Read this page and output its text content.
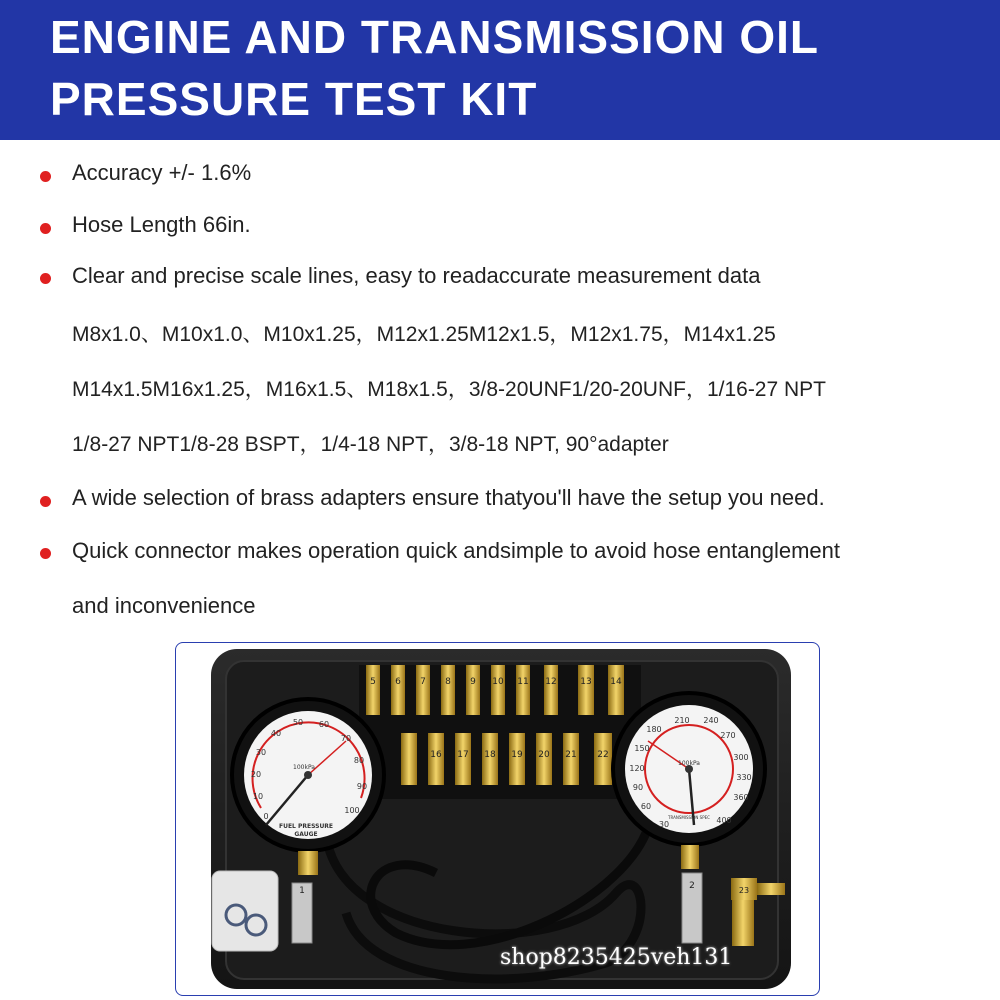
ENGINE AND TRANSMISSION OIL
PRESSURE TEST KIT
Accuracy +/- 1.6%
Hose Length 66in.
Clear and precise scale lines, easy to readaccurate measurement data
M8x1.0、M10x1.0、M10x1.25，M12x1.25M12x1.5，M12x1.75，M14x1.25
M14x1.5M16x1.25，M16x1.5、M18x1.5，3/8-20UNF1/20-20UNF，1/16-27 NPT
1/8-27 NPT1/8-28 BSPT，1/4-18 NPT，3/8-18 NPT, 90°adapter
A wide selection of brass adapters ensure thatyou'll have the setup you need.
Quick connector makes operation quick andsimple to avoid hose entanglement
and inconvenience
5 6 7 8 9 10 11 12	13 14
16 17 18 19 20 21 22
0
10
20
30
40
50 60
70
80
90
100
100kPa
FUEL PRESSURE
GAUGE
30
60
90
120
150
180
210 240
270
300
330
360
400
100kPa
TRANSMISSION SPEC
1	2	23
shop8235425veh131
